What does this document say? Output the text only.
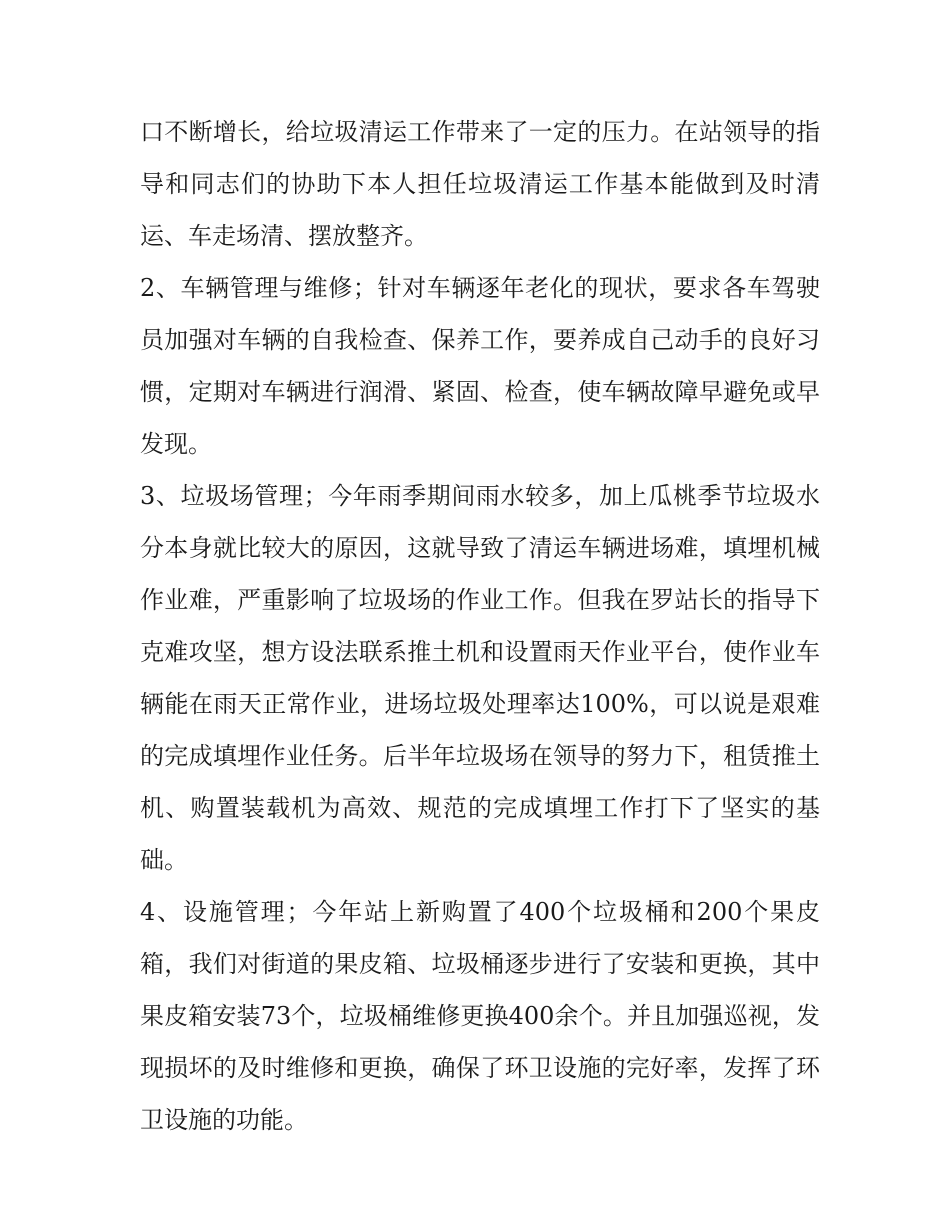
口不断增长，给垃圾清运工作带来了一定的压力。在站领导的指导和同志们的协助下本人担任垃圾清运工作基本能做到及时清运、车走场清、摆放整齐。

2、车辆管理与维修；针对车辆逐年老化的现状，要求各车驾驶员加强对车辆的自我检查、保养工作，要养成自己动手的良好习惯，定期对车辆进行润滑、紧固、检查，使车辆故障早避免或早发现。

3、垃圾场管理；今年雨季期间雨水较多，加上瓜桃季节垃圾水分本身就比较大的原因，这就导致了清运车辆进场难，填埋机械作业难，严重影响了垃圾场的作业工作。但我在罗站长的指导下克难攻坚，想方设法联系推土机和设置雨天作业平台，使作业车辆能在雨天正常作业，进场垃圾处理率达100%，可以说是艰难的完成填埋作业任务。后半年垃圾场在领导的努力下，租赁推土机、购置装载机为高效、规范的完成填埋工作打下了坚实的基础。

4、设施管理；今年站上新购置了400个垃圾桶和200个果皮箱，我们对街道的果皮箱、垃圾桶逐步进行了安装和更换，其中果皮箱安装73个，垃圾桶维修更换400余个。并且加强巡视，发现损坏的及时维修和更换，确保了环卫设施的完好率，发挥了环卫设施的功能。
